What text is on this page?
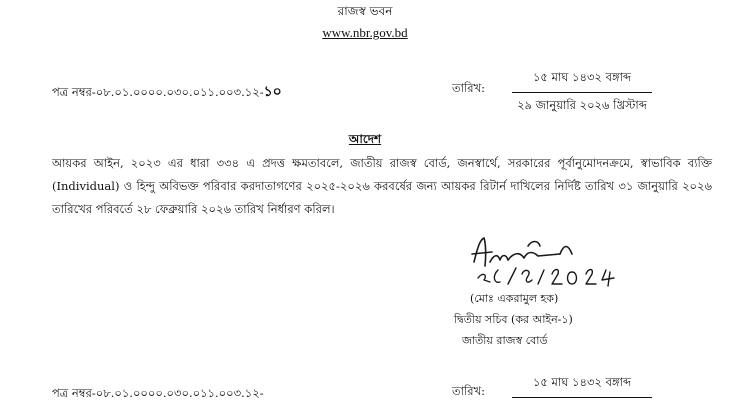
রাজস্ব ভবন
www.nbr.gov.bd
পত্র নম্বর-০৮.০১.০০০০.০৩০.০১১.০০৩.১২-১০	তারিখ:
১৫ মাঘ ১৪৩২ বঙ্গাব্দ
২৯ জানুয়ারি ২০২৬ খ্রিস্টাব্দ
আদেশ
আয়কর আইন, ২০২৩ এর ধারা ৩৩৪ এ প্রদত্ত ক্ষমতাবলে, জাতীয় রাজস্ব বোর্ড, জনস্বার্থে, সরকারের পূর্বানুমোদনক্রমে, স্বাভাবিক ব্যক্তি (Individual) ও হিন্দু অবিভক্ত পরিবার করদাতাগণের ২০২৫-২০২৬ করবর্ষের জন্য আয়কর রিটার্ন দাখিলের নির্দিষ্ট তারিখ ৩১ জানুয়ারি ২০২৬ তারিখের পরিবর্তে ২৮ ফেব্রুয়ারি ২০২৬ তারিখ নির্ধারণ করিল।
২৯/০১/২০২৬
(মোঃ একরামুল হক)
দ্বিতীয় সচিব (কর আইন-১)
জাতীয় রাজস্ব বোর্ড
পত্র নম্বর-০৮.০১.০০০০.০৩০.০১১.০০৩.১২-	তারিখ:
১৫ মাঘ ১৪৩২ বঙ্গাব্দ
